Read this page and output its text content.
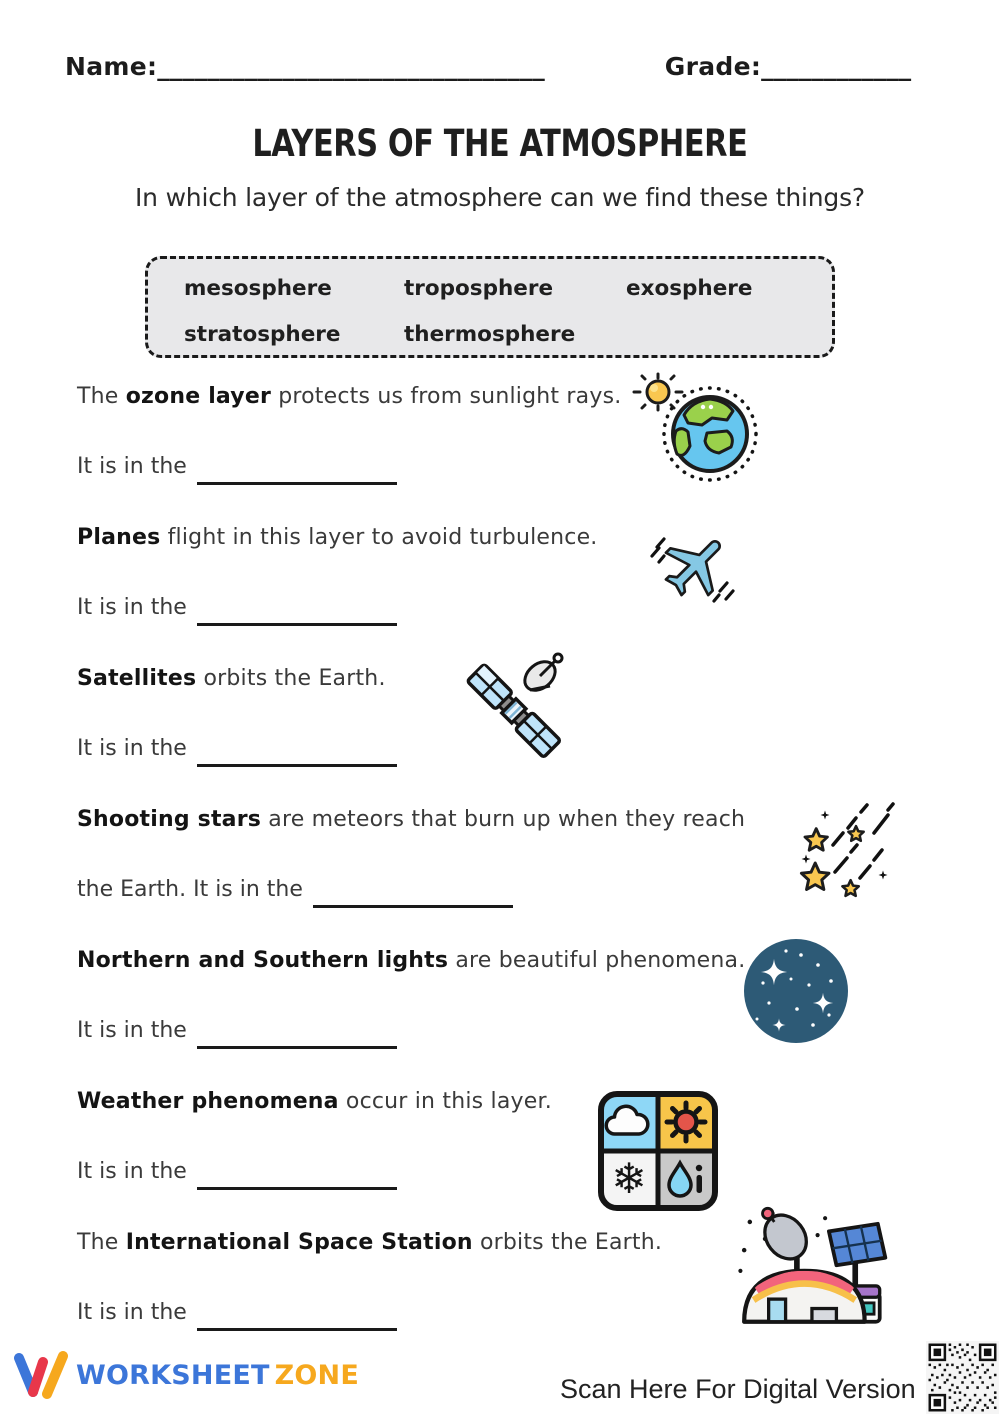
Name:_______________________________	Grade:____________
LAYERS OF THE ATMOSPHERE
In which layer of the atmosphere can we find these things?
mesosphere	troposphere	exosphere
stratosphere	thermosphere

The ozone layer protects us from sunlight rays.

It is in the

Planes flight in this layer to avoid turbulence.

It is in the

Satellites orbits the Earth.

It is in the

Shooting stars are meteors that burn up when they reach

the Earth. It is in the

Northern and Southern lights are beautiful phenomena.

It is in the

Weather phenomena occur in this layer.

It is in the	❄

The International Space Station orbits the Earth.

It is in the

WORKSHEET ZONE	Scan Here For Digital Version
